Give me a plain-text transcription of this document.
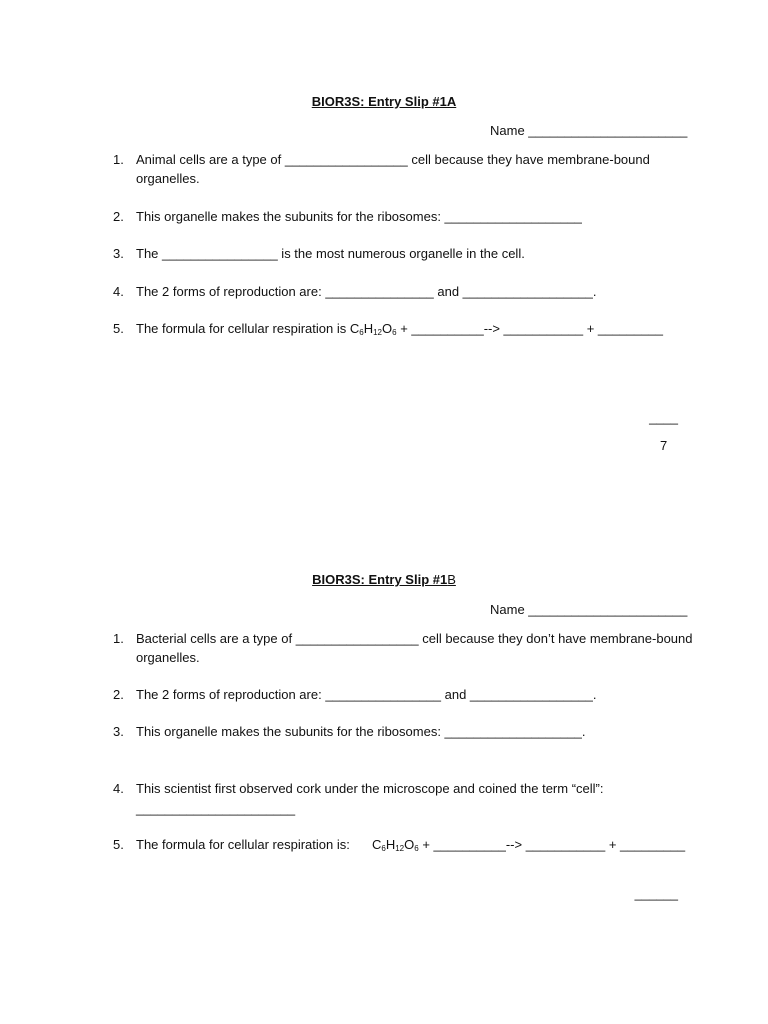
BIOR3S: Entry Slip #1A
Name ______________________
1. Animal cells are a type of _________________ cell because they have membrane-bound
organelles.
2. This organelle makes the subunits for the ribosomes: ___________________
3. The ________________ is the most numerous organelle in the cell.
4. The 2 forms of reproduction are: _______________ and __________________.
5. The formula for cellular respiration is $C_6H_{12}O_6$ + __________--> ___________ + _________
____
7
BIOR3S: Entry Slip #1B
Name ______________________
1. Bacterial cells are a type of _________________ cell because they don’t have membrane-bound
organelles.
2. The 2 forms of reproduction are: ________________ and _________________.
3. This organelle makes the subunits for the ribosomes: ___________________.
4. This scientist first observed cork under the microscope and coined the term “cell”:
______________________
5. The formula for cellular respiration is: $C_6H_{12}O_6$ + __________--> ___________ + _________
______
